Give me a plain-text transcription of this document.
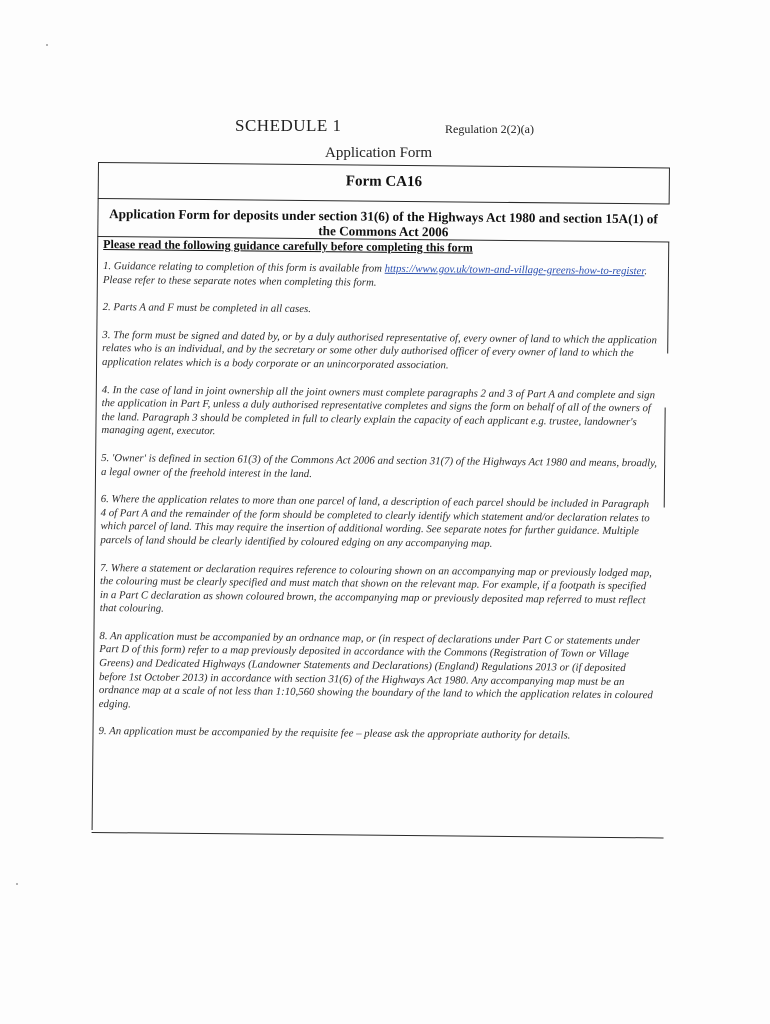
SCHEDULE 1	Regulation 2(2)(a)
Application Form
Form CA16
Application Form for deposits under section 31(6) of the Highways Act 1980 and section 15A(1) of the Commons Act 2006
Please read the following guidance carefully before completing this form

1. Guidance relating to completion of this form is available from https://www.gov.uk/town-and-village-greens-how-to-register. Please refer to these separate notes when completing this form.

2. Parts A and F must be completed in all cases.

3. The form must be signed and dated by, or by a duly authorised representative of, every owner of land to which the application relates who is an individual, and by the secretary or some other duly authorised officer of every owner of land to which the application relates which is a body corporate or an unincorporated association.

4. In the case of land in joint ownership all the joint owners must complete paragraphs 2 and 3 of Part A and complete and sign the application in Part F, unless a duly authorised representative completes and signs the form on behalf of all of the owners of the land. Paragraph 3 should be completed in full to clearly explain the capacity of each applicant e.g. trustee, landowner's managing agent, executor.

5. 'Owner' is defined in section 61(3) of the Commons Act 2006 and section 31(7) of the Highways Act 1980 and means, broadly, a legal owner of the freehold interest in the land.

6. Where the application relates to more than one parcel of land, a description of each parcel should be included in Paragraph 4 of Part A and the remainder of the form should be completed to clearly identify which statement and/or declaration relates to which parcel of land. This may require the insertion of additional wording. See separate notes for further guidance. Multiple parcels of land should be clearly identified by coloured edging on any accompanying map.

7. Where a statement or declaration requires reference to colouring shown on an accompanying map or previously lodged map, the colouring must be clearly specified and must match that shown on the relevant map. For example, if a footpath is specified in a Part C declaration as shown coloured brown, the accompanying map or previously deposited map referred to must reflect that colouring.

8. An application must be accompanied by an ordnance map, or (in respect of declarations under Part C or statements under Part D of this form) refer to a map previously deposited in accordance with the Commons (Registration of Town or Village Greens) and Dedicated Highways (Landowner Statements and Declarations) (England) Regulations 2013 or (if deposited before 1st October 2013) in accordance with section 31(6) of the Highways Act 1980. Any accompanying map must be an ordnance map at a scale of not less than 1:10,560 showing the boundary of the land to which the application relates in coloured edging.

9. An application must be accompanied by the requisite fee – please ask the appropriate authority for details.
